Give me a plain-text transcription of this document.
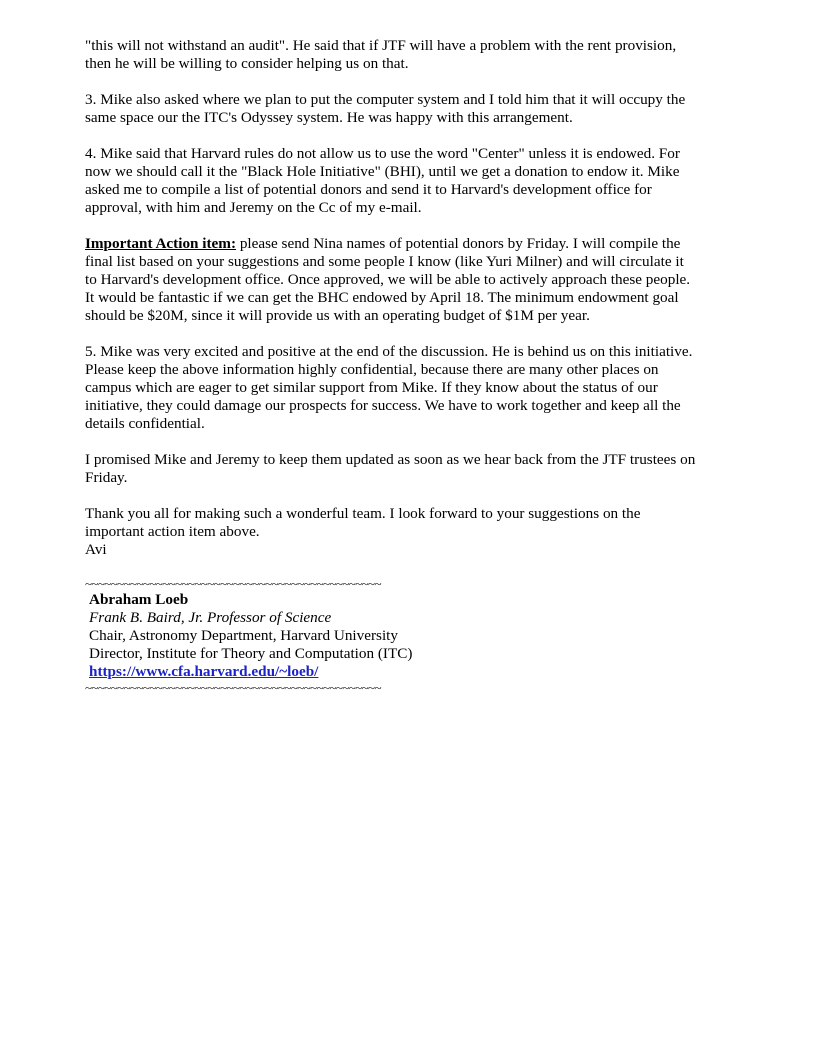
"this will not withstand an audit". He said that if JTF will have a problem with the rent provision,
then he will be willing to consider helping us on that.

3. Mike also asked where we plan to put the computer system and I told him that it will occupy the
same space our the ITC's Odyssey system. He was happy with this arrangement.

4. Mike said that Harvard rules do not allow us to use the word "Center" unless it is endowed. For
now we should call it the "Black Hole Initiative" (BHI), until we get a donation to endow it. Mike
asked me to compile a list of potential donors and send it to Harvard's development office for
approval, with him and Jeremy on the Cc of my e-mail.

Important Action item: please send Nina names of potential donors by Friday. I will compile the
final list based on your suggestions and some people I know (like Yuri Milner) and will circulate it
to Harvard's development office. Once approved, we will be able to actively approach these people.
It would be fantastic if we can get the BHC endowed by April 18. The minimum endowment goal
should be $20M, since it will provide us with an operating budget of $1M per year.

5. Mike was very excited and positive at the end of the discussion. He is behind us on this initiative.
Please keep the above information highly confidential, because there are many other places on
campus which are eager to get similar support from Mike. If they know about the status of our
initiative, they could damage our prospects for success. We have to work together and keep all the
details confidential.

I promised Mike and Jeremy to keep them updated as soon as we hear back from the JTF trustees on
Friday.

Thank you all for making such a wonderful team. I look forward to your suggestions on the
important action item above.
Avi

~~~~~~~~~~~~~~~~~~~~~~~~~~~~~~~~~~~~~~~~~~~~~~
Abraham Loeb
Frank B. Baird, Jr. Professor of Science
Chair, Astronomy Department, Harvard University
Director, Institute for Theory and Computation (ITC)
https://www.cfa.harvard.edu/~loeb/
~~~~~~~~~~~~~~~~~~~~~~~~~~~~~~~~~~~~~~~~~~~~~~
